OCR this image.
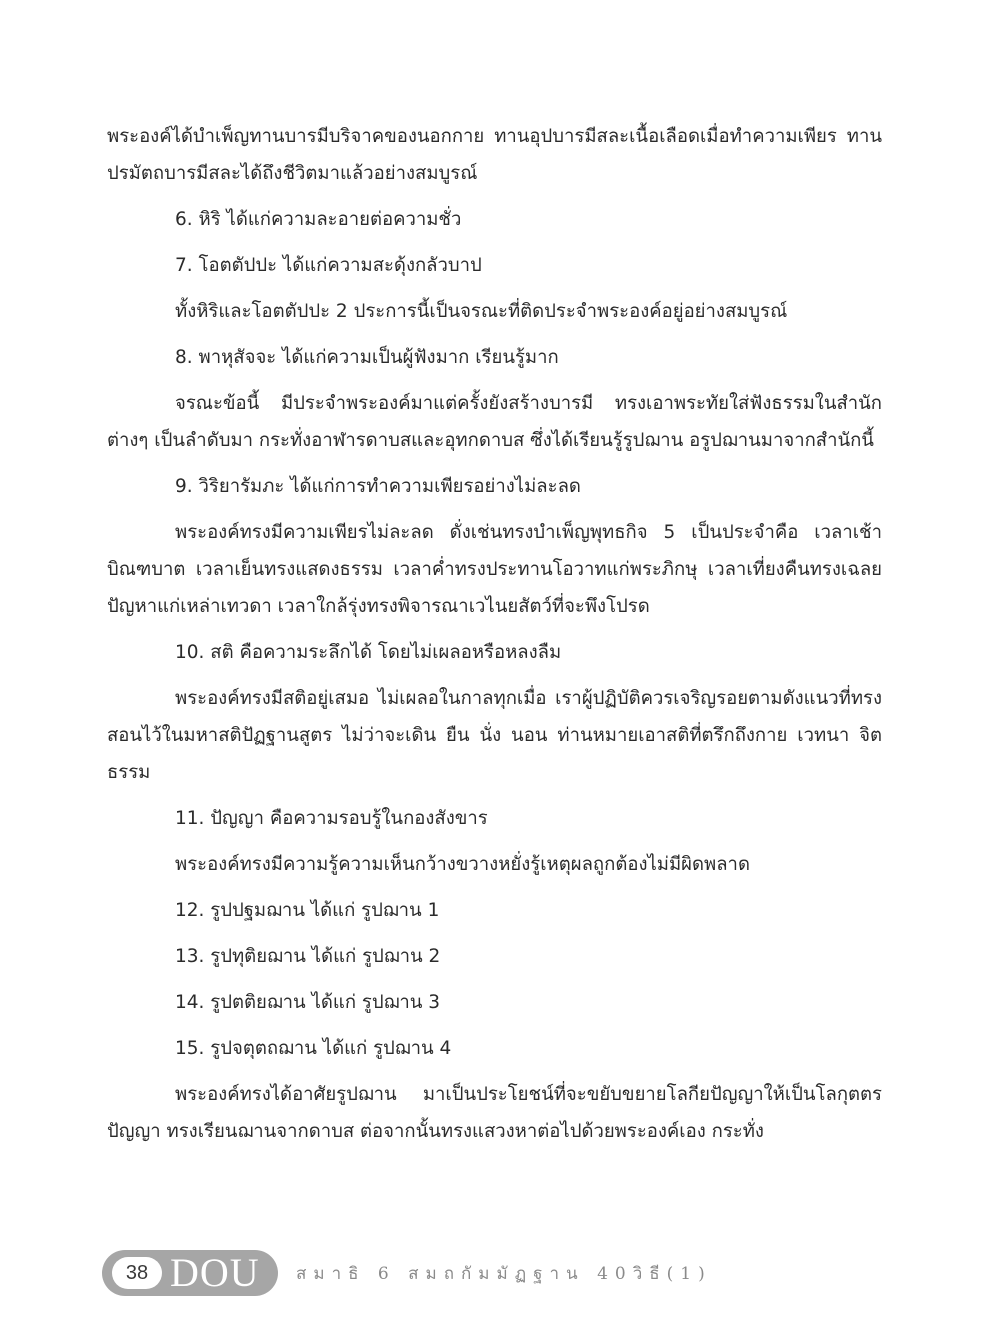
พระองค์ได้บำเพ็ญทานบารมีบริจาคของนอกกาย ทานอุปบารมีสละเนื้อเลือดเมื่อทำความเพียร ทานปรมัตถบารมีสละได้ถึงชีวิตมาแล้วอย่างสมบูรณ์

6. หิริ ได้แก่ความละอายต่อความชั่ว

7. โอตตัปปะ ได้แก่ความสะดุ้งกลัวบาป

ทั้งหิริและโอตตัปปะ 2 ประการนี้เป็นจรณะที่ติดประจำพระองค์อยู่อย่างสมบูรณ์

8. พาหุสัจจะ ได้แก่ความเป็นผู้ฟังมาก เรียนรู้มาก

จรณะข้อนี้ มีประจำพระองค์มาแต่ครั้งยังสร้างบารมี ทรงเอาพระทัยใส่ฟังธรรมในสำนักต่างๆ เป็นลำดับมา กระทั่งอาฬารดาบสและอุทกดาบส ซึ่งได้เรียนรู้รูปฌาน อรูปฌานมาจากสำนักนี้

9. วิริยารัมภะ ได้แก่การทำความเพียรอย่างไม่ละลด

พระองค์ทรงมีความเพียรไม่ละลด ดั่งเช่นทรงบำเพ็ญพุทธกิจ 5 เป็นประจำคือ เวลาเช้าบิณฑบาต เวลาเย็นทรงแสดงธรรม เวลาค่ำทรงประทานโอวาทแก่พระภิกษุ เวลาเที่ยงคืนทรงเฉลยปัญหาแก่เหล่าเทวดา เวลาใกล้รุ่งทรงพิจารณาเวไนยสัตว์ที่จะพึงโปรด

10. สติ คือความระลึกได้ โดยไม่เผลอหรือหลงลืม

พระองค์ทรงมีสติอยู่เสมอ ไม่เผลอในกาลทุกเมื่อ เราผู้ปฏิบัติควรเจริญรอยตามดังแนวที่ทรงสอนไว้ในมหาสติปัฏฐานสูตร ไม่ว่าจะเดิน ยืน นั่ง นอน ท่านหมายเอาสติที่ตรึกถึงกาย เวทนา จิต ธรรม

11. ปัญญา คือความรอบรู้ในกองสังขาร

พระองค์ทรงมีความรู้ความเห็นกว้างขวางหยั่งรู้เหตุผลถูกต้องไม่มีผิดพลาด

12. รูปปฐมฌาน ได้แก่ รูปฌาน 1

13. รูปทุติยฌาน ได้แก่ รูปฌาน 2

14. รูปตติยฌาน ได้แก่ รูปฌาน 3

15. รูปจตุตถฌาน ได้แก่ รูปฌาน 4

พระองค์ทรงได้อาศัยรูปฌาน มาเป็นประโยชน์ที่จะขยับขยายโลกียปัญญาให้เป็นโลกุตตรปัญญา ทรงเรียนฌานจากดาบส ต่อจากนั้นทรงแสวงหาต่อไปด้วยพระองค์เอง กระทั่ง

38 DOU สมาธิ 6 สมถกัมมัฏฐาน 40วิธี(1)
